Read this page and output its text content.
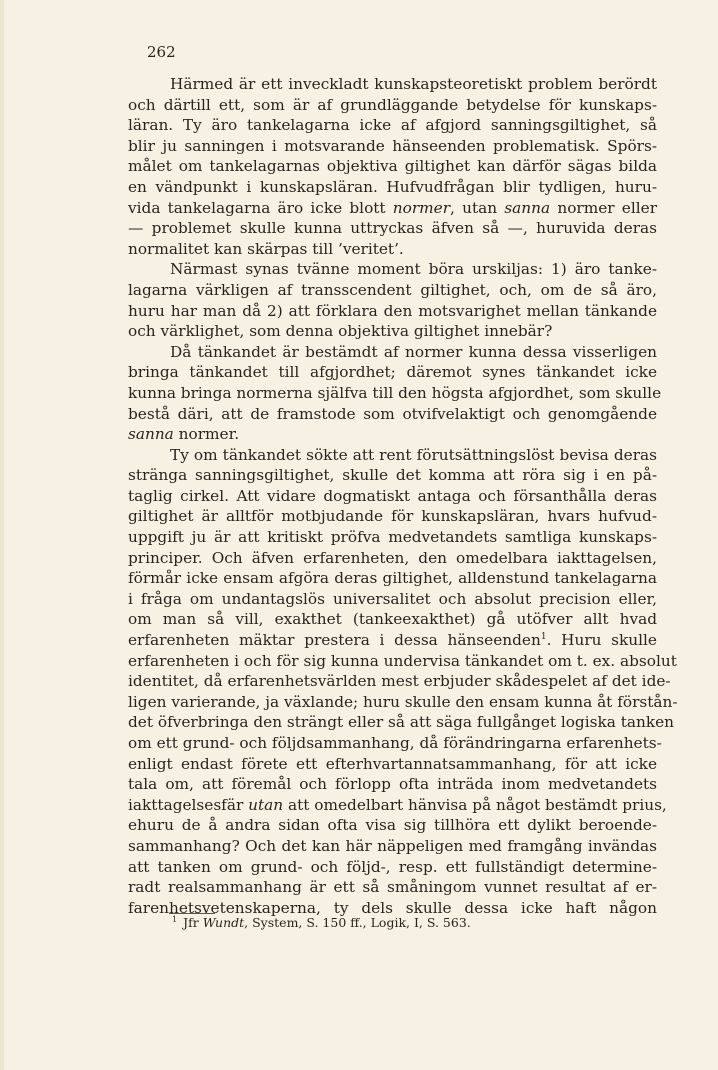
262

Härmed är ett inveckladt kunskapsteoretiskt problem berördt
och därtill ett, som är af grundläggande betydelse för kunskaps-
läran. Ty äro tankelagarna icke af afgjord sanningsgiltighet, så
blir ju sanningen i motsvarande hänseenden problematisk. Spörs-
målet om tankelagarnas objektiva giltighet kan därför sägas bilda
en vändpunkt i kunskapsläran. Hufvudfrågan blir tydligen, huru-
vida tankelagarna äro icke blott normer, utan sanna normer eller
— problemet skulle kunna uttryckas äfven så —, huruvida deras
normalitet kan skärpas till ’veritet’.
Närmast synas tvänne moment böra urskiljas: 1) äro tanke-
lagarna värkligen af transscendent giltighet, och, om de så äro,
huru har man då 2) att förklara den motsvarighet mellan tänkande
och värklighet, som denna objektiva giltighet innebär?
Då tänkandet är bestämdt af normer kunna dessa visserligen
bringa tänkandet till afgjordhet; däremot synes tänkandet icke
kunna bringa normerna själfva till den högsta afgjordhet, som skulle
bestå däri, att de framstode som otvifvelaktigt och genomgående
sanna normer.
Ty om tänkandet sökte att rent förutsättningslöst bevisa deras
stränga sanningsgiltighet, skulle det komma att röra sig i en på-
taglig cirkel. Att vidare dogmatiskt antaga och försanthålla deras
giltighet är alltför motbjudande för kunskapsläran, hvars hufvud-
uppgift ju är att kritiskt pröfva medvetandets samtliga kunskaps-
principer. Och äfven erfarenheten, den omedelbara iakttagelsen,
förmår icke ensam afgöra deras giltighet, alldenstund tankelagarna
i fråga om undantagslös universalitet och absolut precision eller,
om man så vill, exakthet (tankeexakthet) gå utöfver allt hvad
erfarenheten mäktar prestera i dessa hänseenden$^1$. Huru skulle
erfarenheten i och för sig kunna undervisa tänkandet om t. ex. absolut
identitet, då erfarenhetsvärlden mest erbjuder skådespelet af det ide-
ligen varierande, ja växlande; huru skulle den ensam kunna åt förstån-
det öfverbringa den strängt eller så att säga fullgånget logiska tanken
om ett grund- och följdsammanhang, då förändringarna erfarenhets-
enligt endast förete ett efterhvartannatsammanhang, för att icke
tala om, att föremål och förlopp ofta inträda inom medvetandets
iakttagelsesfär utan att omedelbart hänvisa på något bestämdt prius,
ehuru de å andra sidan ofta visa sig tillhöra ett dylikt beroende-
sammanhang? Och det kan här näppeligen med framgång invändas
att tanken om grund- och följd-, resp. ett fullständigt determine-
radt realsammanhang är ett så småningom vunnet resultat af er-
farenhetsvetenskaperna, ty dels skulle dessa icke haft någon

$^1$ Jfr Wundt, System, S. 150 ff., Logik, I, S. 563.
